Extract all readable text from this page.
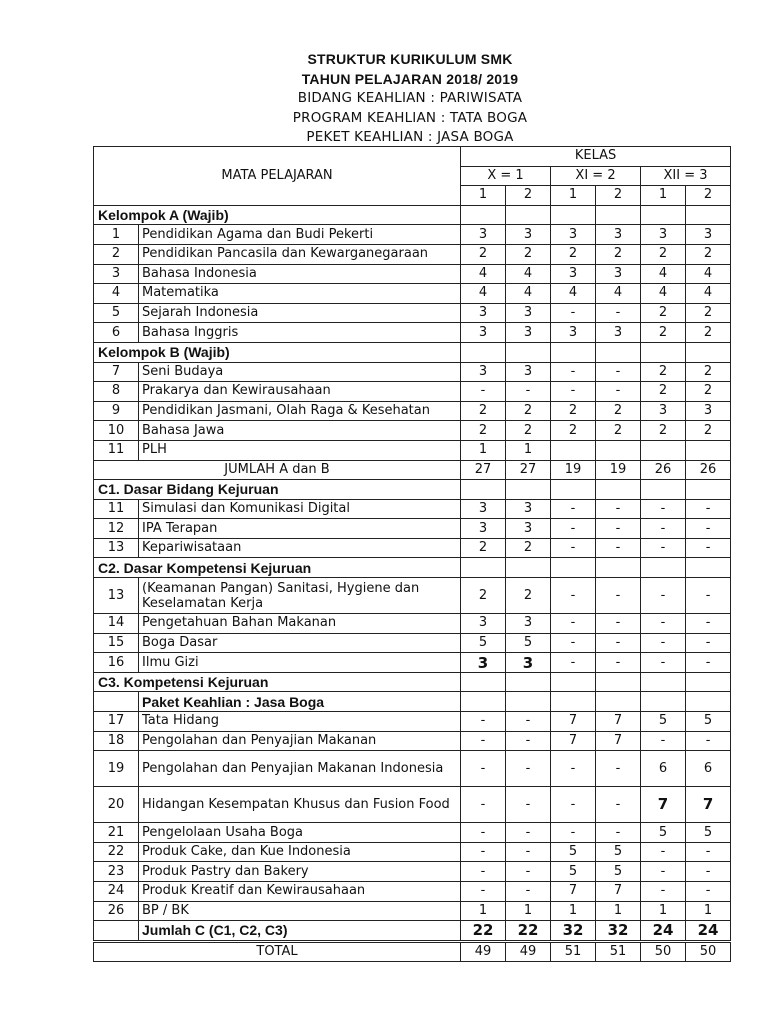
STRUKTUR KURIKULUM SMK
TAHUN PELAJARAN 2018/ 2019
BIDANG KEAHLIAN : PARIWISATA
PROGRAM KEAHLIAN : TATA BOGA
PEKET KEAHLIAN : JASA BOGA
MATA PELAJARAN		KELAS					
		X = 1		XI = 2		XII = 3	
		1	2	1	2	1	2
Kelompok A (Wajib)							
1	Pendidikan Agama dan Budi Pekerti	3	3	3	3	3	3
2	Pendidikan Pancasila dan Kewarganegaraan	2	2	2	2	2	2
3	Bahasa Indonesia	4	4	3	3	4	4
4	Matematika	4	4	4	4	4	4
5	Sejarah Indonesia	3	3	-	-	2	2
6	Bahasa Inggris	3	3	3	3	2	2
Kelompok B (Wajib)							
7	Seni Budaya	3	3	-	-	2	2
8	Prakarya dan Kewirausahaan	-	-	-	-	2	2
9	Pendidikan Jasmani, Olah Raga & Kesehatan	2	2	2	2	3	3
10	Bahasa Jawa	2	2	2	2	2	2
11	PLH	1	1				
JUMLAH A dan B		27	27	19	19	26	26
C1. Dasar Bidang Kejuruan							
11	Simulasi dan Komunikasi Digital	3	3	-	-	-	-
12	IPA Terapan	3	3	-	-	-	-
13	Kepariwisataan	2	2	-	-	-	-
C2. Dasar Kompetensi Kejuruan							
13	(Keamanan Pangan) Sanitasi, Hygiene dan Keselamatan Kerja	2	2	-	-	-	-
14	Pengetahuan Bahan Makanan	3	3	-	-	-	-
15	Boga Dasar	5	5	-	-	-	-
16	Ilmu Gizi	3	3	-	-	-	-
C3. Kompetensi Kejuruan							
	Paket Keahlian : Jasa Boga						
17	Tata Hidang	-	-	7	7	5	5
18	Pengolahan dan Penyajian Makanan	-	-	7	7	-	-
19	Pengolahan dan Penyajian Makanan Indonesia	-	-	-	-	6	6
20	Hidangan Kesempatan Khusus dan Fusion Food	-	-	-	-	7	7
21	Pengelolaan Usaha Boga	-	-	-	-	5	5
22	Produk Cake, dan Kue Indonesia	-	-	5	5	-	-
23	Produk Pastry dan Bakery	-	-	5	5	-	-
24	Produk Kreatif dan Kewirausahaan	-	-	7	7	-	-
26	BP / BK	1	1	1	1	1	1
	Jumlah C (C1, C2, C3)	22	22	32	32	24	24
TOTAL		49	49	51	51	50	50
